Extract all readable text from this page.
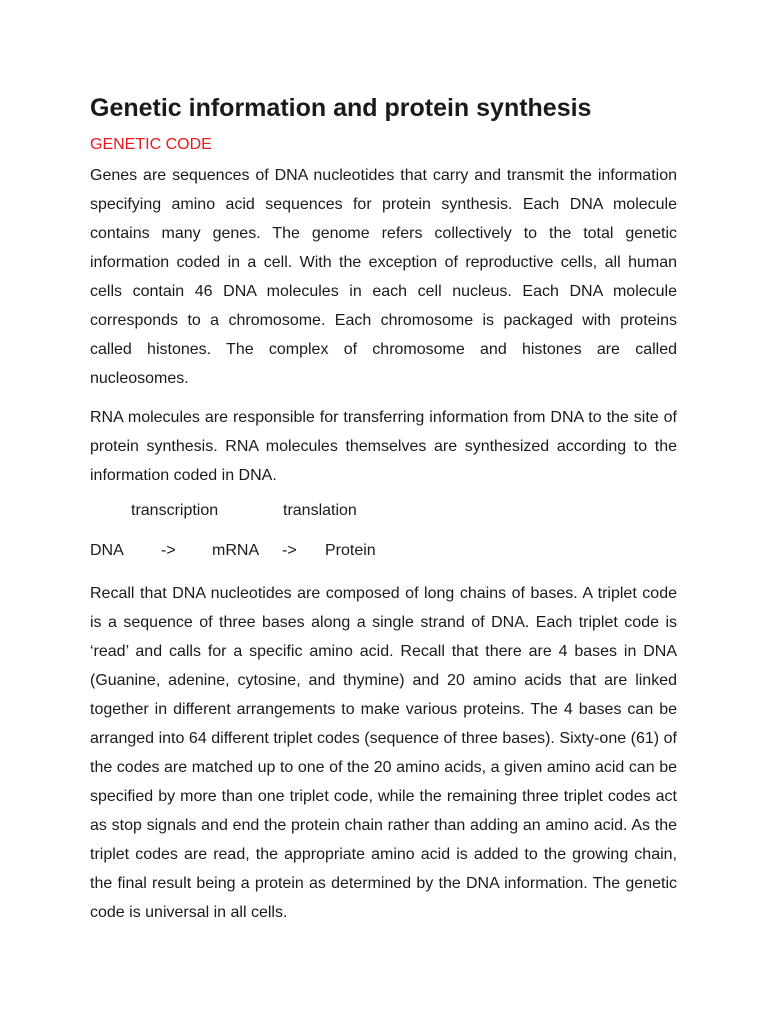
Genetic information and protein synthesis
GENETIC CODE

Genes are sequences of DNA nucleotides that carry and transmit the information specifying amino acid sequences for protein synthesis. Each DNA molecule contains many genes. The genome refers collectively to the total genetic information coded in a cell. With the exception of reproductive cells, all human cells contain 46 DNA molecules in each cell nucleus. Each DNA molecule corresponds to a chromosome. Each chromosome is packaged with proteins called histones. The complex of chromosome and histones are called nucleosomes.

RNA molecules are responsible for transferring information from DNA to the site of protein synthesis. RNA molecules themselves are synthesized according to the information coded in DNA.

transcription	translation
DNA -> mRNA -> Protein

Recall that DNA nucleotides are composed of long chains of bases. A triplet code is a sequence of three bases along a single strand of DNA. Each triplet code is ‘read’ and calls for a specific amino acid. Recall that there are 4 bases in DNA (Guanine, adenine, cytosine, and thymine) and 20 amino acids that are linked together in different arrangements to make various proteins. The 4 bases can be arranged into 64 different triplet codes (sequence of three bases). Sixty-one (61) of the codes are matched up to one of the 20 amino acids, a given amino acid can be specified by more than one triplet code, while the remaining three triplet codes act as stop signals and end the protein chain rather than adding an amino acid. As the triplet codes are read, the appropriate amino acid is added to the growing chain, the final result being a protein as determined by the DNA information. The genetic code is universal in all cells.
